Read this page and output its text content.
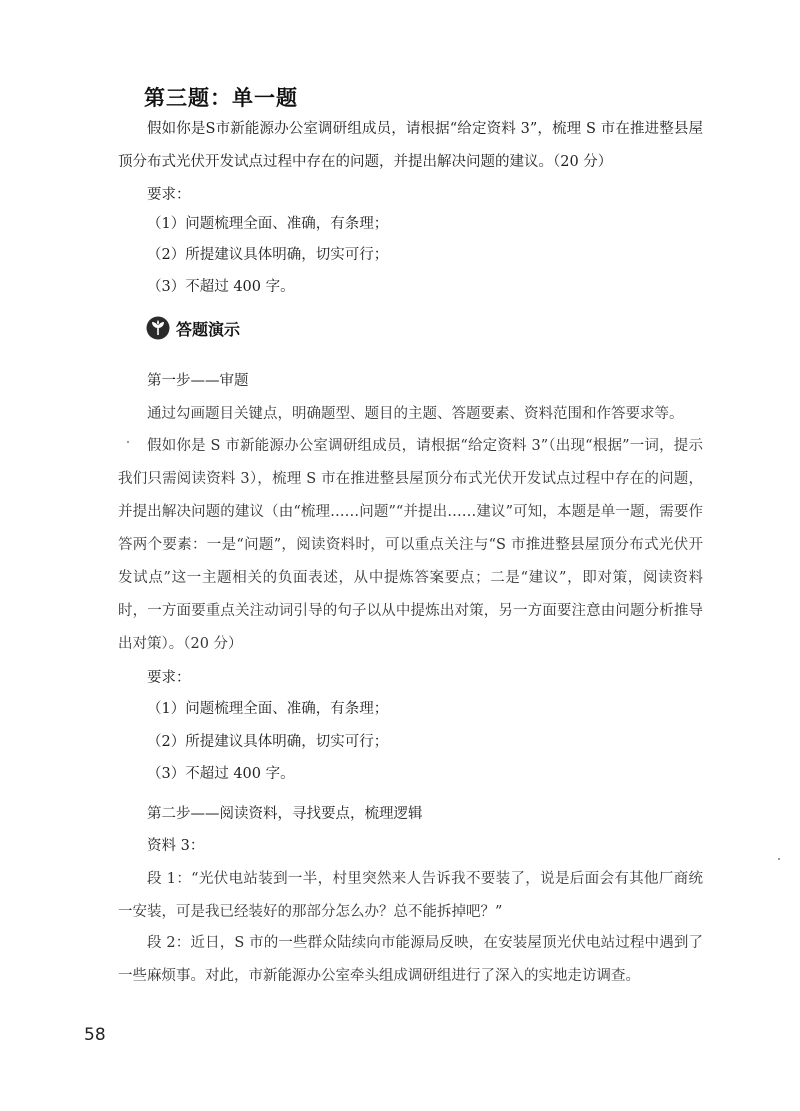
第三题：单一题

假如你是S市新能源办公室调研组成员，请根据“给定资料 3”，梳理 S 市在推进整县屋顶分布式光伏开发试点过程中存在的问题，并提出解决问题的建议。（20 分）

要求：

（1）问题梳理全面、准确，有条理；

（2）所提建议具体明确，切实可行；

（3）不超过 400 字。

答题演示

第一步——审题

通过勾画题目关键点，明确题型、题目的主题、答题要素、资料范围和作答要求等。

假如你是 S 市新能源办公室调研组成员，请根据“给定资料 3”（出现“根据”一词，提示我们只需阅读资料 3），梳理 S 市在推进整县屋顶分布式光伏开发试点过程中存在的问题，并提出解决问题的建议（由“梳理……问题”“并提出……建议”可知，本题是单一题，需要作答两个要素：一是“问题”，阅读资料时，可以重点关注与“S 市推进整县屋顶分布式光伏开发试点”这一主题相关的负面表述，从中提炼答案要点；二是“建议”，即对策，阅读资料时，一方面要重点关注动词引导的句子以从中提炼出对策，另一方面要注意由问题分析推导出对策）。（20 分）

要求：

（1）问题梳理全面、准确，有条理；

（2）所提建议具体明确，切实可行；

（3）不超过 400 字。

第二步——阅读资料，寻找要点，梳理逻辑

资料 3：

段 1：“光伏电站装到一半，村里突然来人告诉我不要装了，说是后面会有其他厂商统一安装，可是我已经装好的那部分怎么办？总不能拆掉吧？”

段 2：近日，S 市的一些群众陆续向市能源局反映，在安装屋顶光伏电站过程中遇到了一些麻烦事。对此，市新能源办公室牵头组成调研组进行了深入的实地走访调查。

58
